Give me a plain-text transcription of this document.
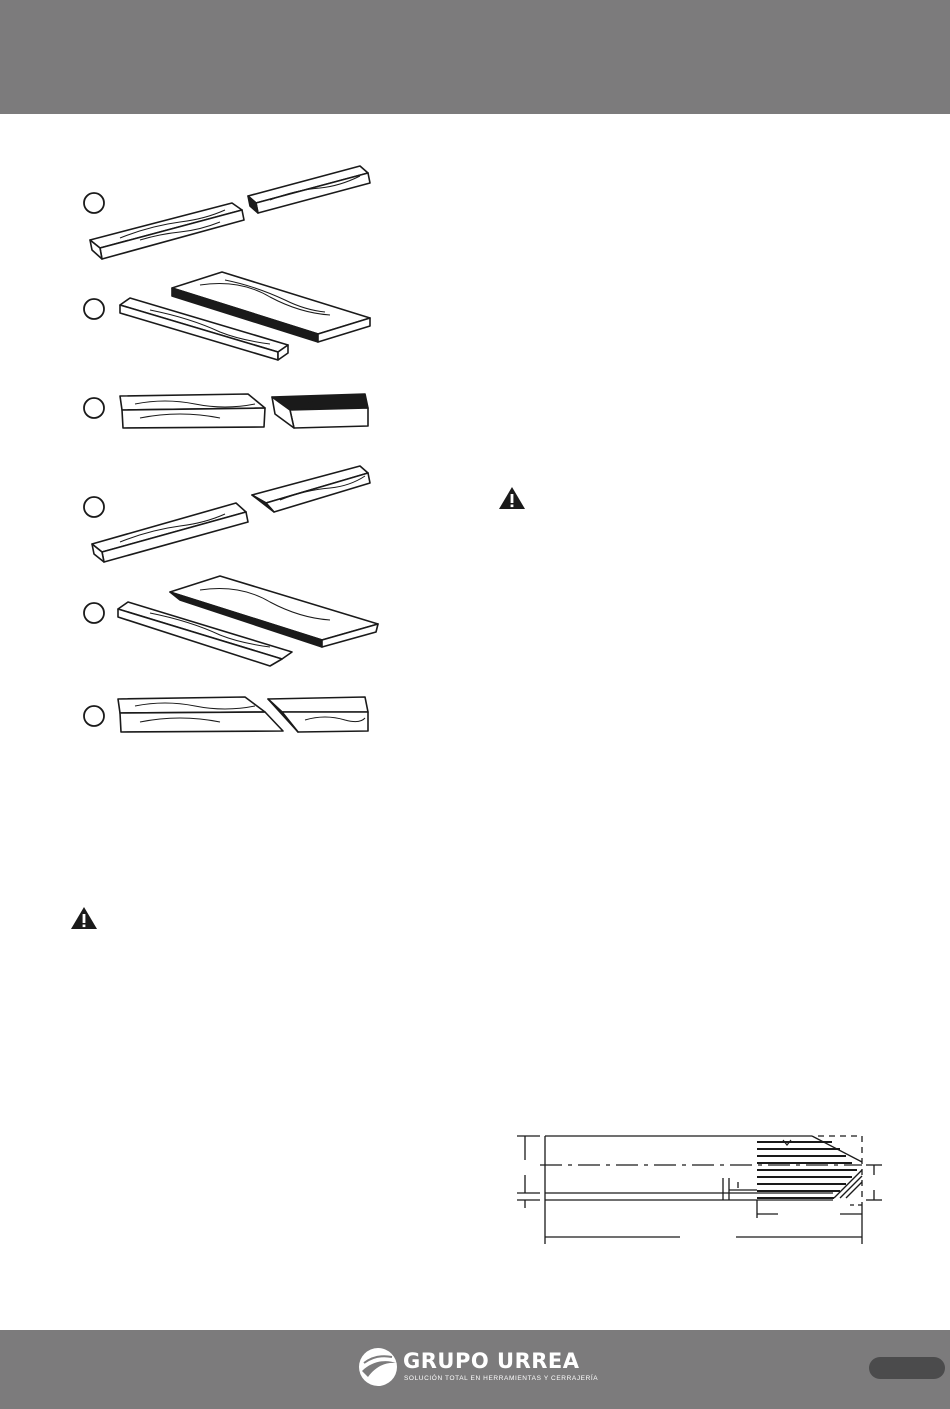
GRUPO URREA
SOLUCIÓN TOTAL EN HERRAMIENTAS Y CERRAJERÍA
